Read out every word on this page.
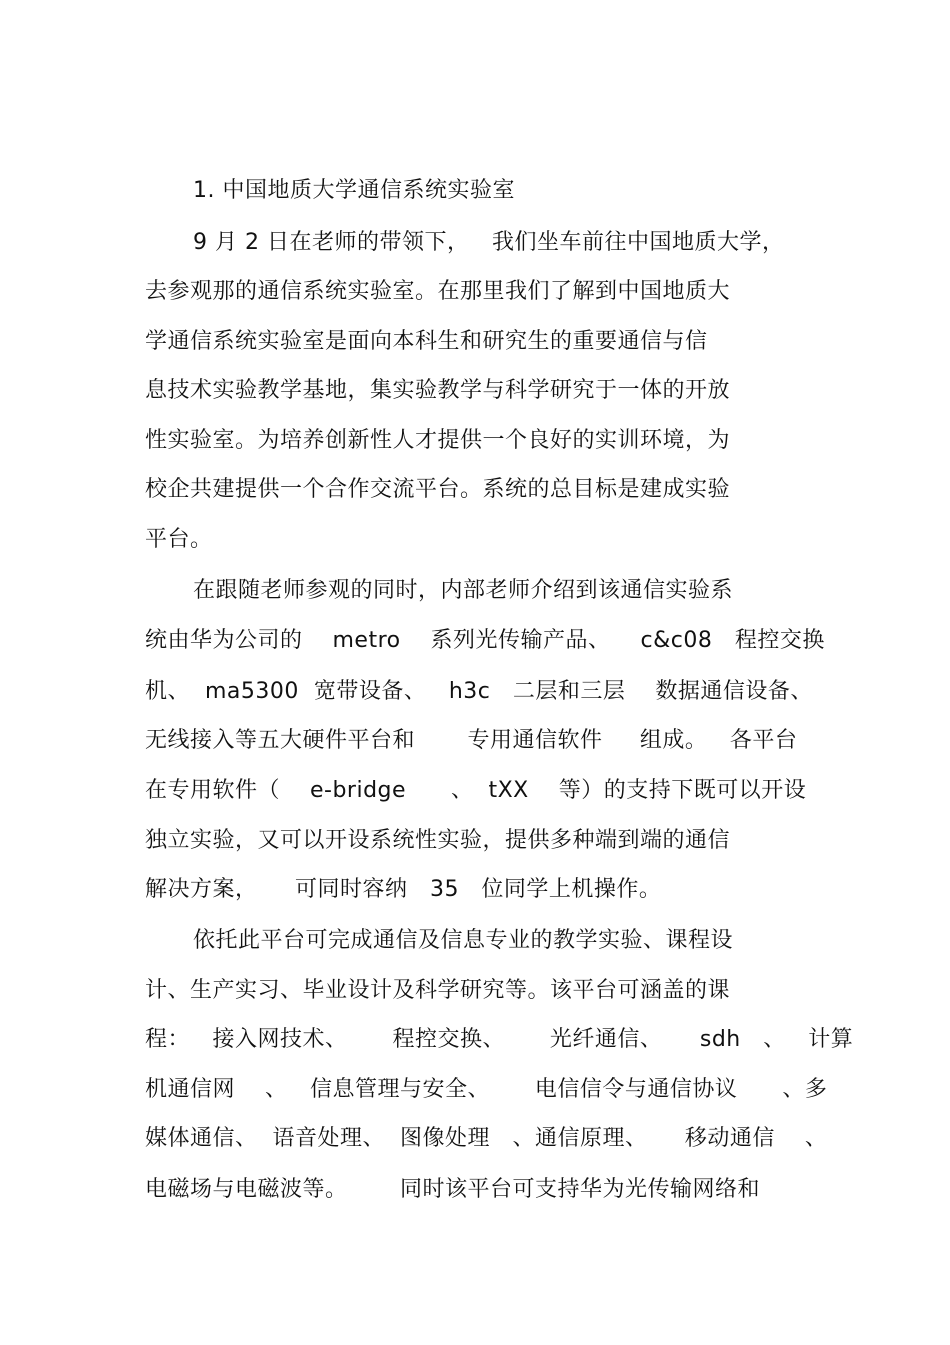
1. 中国地质大学通信系统实验室
9 月 2 日在老师的带领下，   我们坐车前往中国地质大学，
去参观那的通信系统实验室。在那里我们了解到中国地质大
学通信系统实验室是面向本科生和研究生的重要通信与信
息技术实验教学基地，集实验教学与科学研究于一体的开放
性实验室。为培养创新性人才提供一个良好的实训环境，为
校企共建提供一个合作交流平台。系统的总目标是建成实验
平台。
在跟随老师参观的同时，内部老师介绍到该通信实验系
统由华为公司的    metro    系列光传输产品、    c&c08   程控交换
机、  ma5300  宽带设备、   h3c   二层和三层    数据通信设备、
无线接入等五大硬件平台和       专用通信软件     组成。   各平台
在专用软件（    e-bridge      、  tXX    等）的支持下既可以开设
独立实验，又可以开设系统性实验，提供多种端到端的通信
解决方案，     可同时容纳   35   位同学上机操作。
依托此平台可完成通信及信息专业的教学实验、课程设
计、生产实习、毕业设计及科学研究等。该平台可涵盖的课
程：   接入网技术、      程控交换、      光纤通信、     sdh   、   计算
机通信网    、   信息管理与安全、      电信信令与通信协议      、多
媒体通信、  语音处理、  图像处理   、通信原理、     移动通信    、
电磁场与电磁波等。       同时该平台可支持华为光传输网络和
